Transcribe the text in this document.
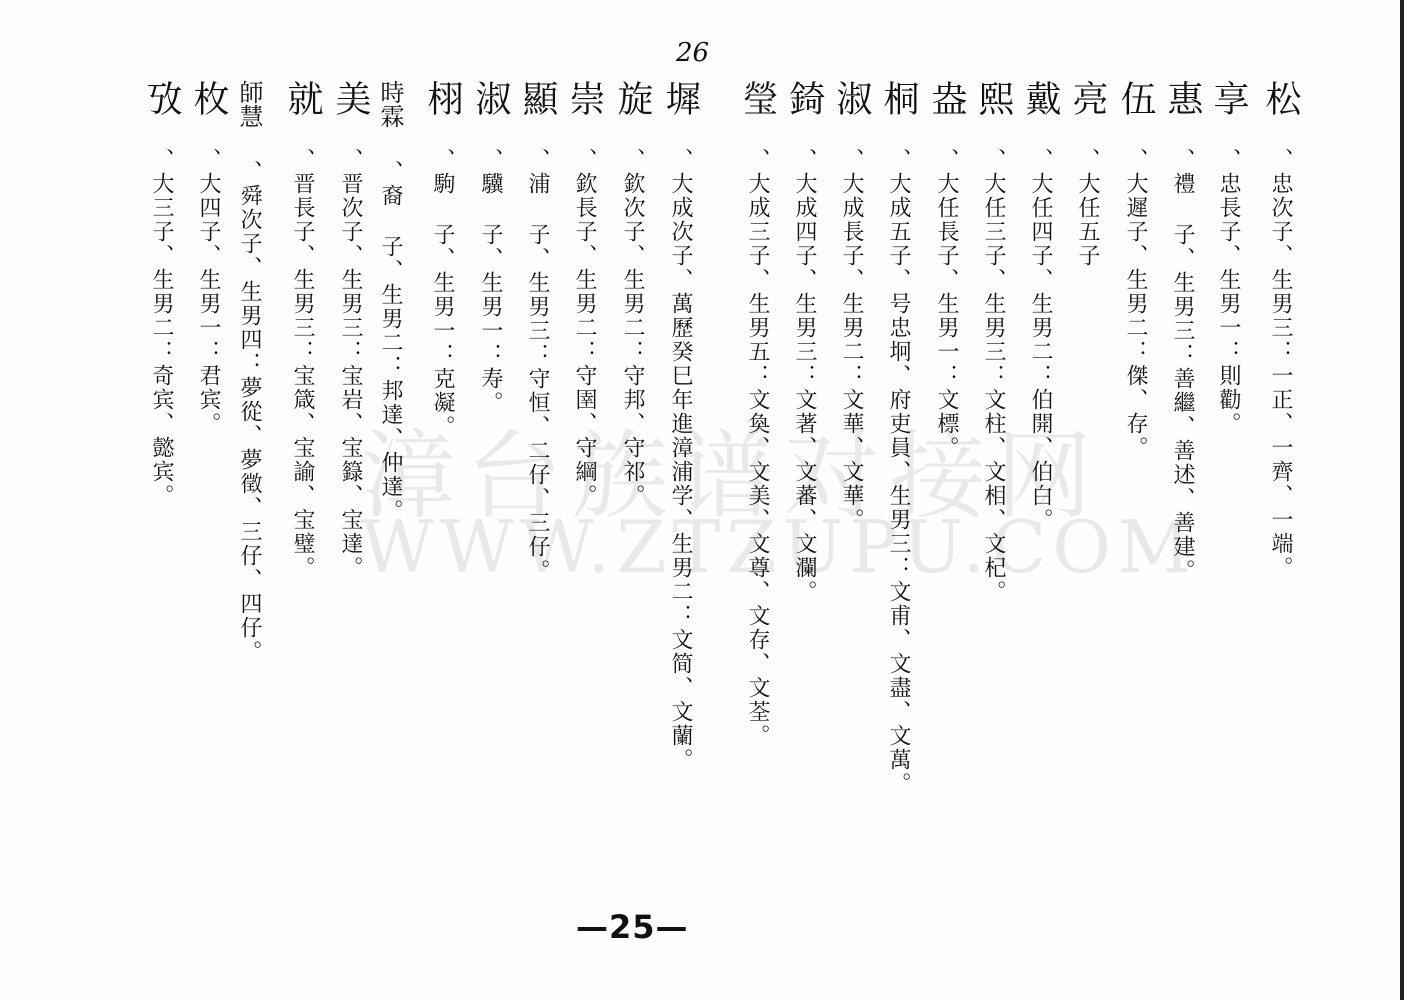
漳台族谱对接网
WWW.ZTZUPU.COM
26
松、忠次子、生男三：一正、一齊、一端。
享、忠長子、生男一：則勸。
惠、禮 子、生男三：善繼、善述、善建。
伍、大遲子、生男二：傑、存。
亮、大任五子
戴、大任四子、生男二：伯開、伯白。
熙、大任三子、生男三：文柱、文相、文杞。
盎、大任長子、生男一：文標。
桐、大成五子、号忠坰、府吏員、生男三：文甫、文盡、文萬。
淑、大成長子、生男二：文華、文華。
錡、大成四子、生男三：文著、文蕃、文瀾。
瑩、大成三子、生男五：文奐、文美、文尊、文存、文荃。
墀、大成次子、萬歷癸巳年進漳浦学、生男二：文简、文蘭。
旋、欽次子、生男二：守邦、守祁。
崇、欽長子、生男二：守圉、守綱。
顯、浦 子、生男三：守恒、二仔、三仔。
淑、驥 子、生男一：寿。
栩、駒 子、生男一：克凝。
時霖、裔 子、生男二：邦達、仲達。
美、晋次子、生男三：宝岩、宝籙、宝達。
就、晋長子、生男三：宝箴、宝諭、宝璧。
師慧、舜次子、生男四：夢從、夢徵、三仔、四仔。
枚、大四子、生男一：君宾。
攷、大三子、生男二：奇宾、懿宾。
—25—
